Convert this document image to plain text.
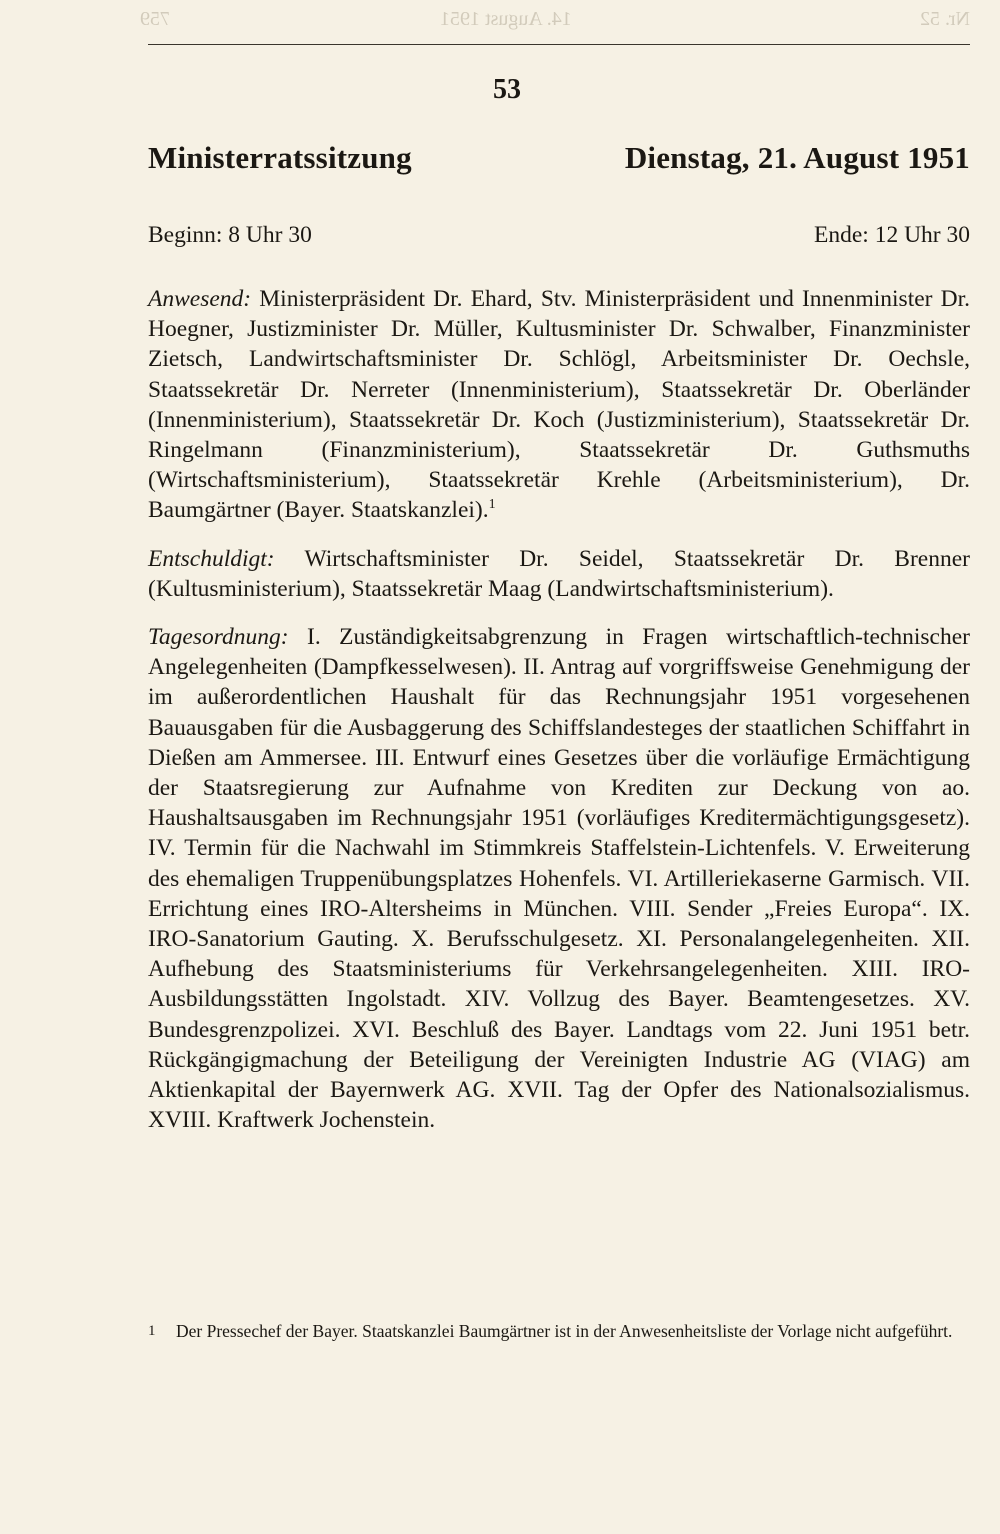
759	14. August 1951	Nr. 52
53
Ministerratssitzung	Dienstag, 21. August 1951
Beginn: 8 Uhr 30	Ende: 12 Uhr 30

Anwesend: Ministerpräsident Dr. Ehard, Stv. Ministerpräsident und Innenminister Dr. Hoegner, Justizminister Dr. Müller, Kultusminister Dr. Schwalber, Finanzminister Zietsch, Landwirtschaftsminister Dr. Schlögl, Arbeitsminister Dr. Oechsle, Staatssekretär Dr. Nerreter (Innenministerium), Staatssekretär Dr. Oberländer (Innenministerium), Staatssekretär Dr. Koch (Justizministerium), Staatssekretär Dr. Ringelmann (Finanzministerium), Staatssekretär Dr. Guthsmuths (Wirtschaftsministerium), Staatssekretär Krehle (Arbeitsministerium), Dr. Baumgärtner (Bayer. Staatskanzlei).$^1$

Entschuldigt: Wirtschaftsminister Dr. Seidel, Staatssekretär Dr. Brenner (Kultusministerium), Staatssekretär Maag (Landwirtschaftsministerium).

Tagesordnung: I. Zuständigkeitsabgrenzung in Fragen wirtschaftlich-technischer Angelegenheiten (Dampfkesselwesen). II. Antrag auf vorgriffsweise Genehmigung der im außerordentlichen Haushalt für das Rechnungsjahr 1951 vorgesehenen Bauausgaben für die Ausbaggerung des Schiffslandesteges der staatlichen Schiffahrt in Dießen am Ammersee. III. Entwurf eines Gesetzes über die vorläufige Ermächtigung der Staatsregierung zur Aufnahme von Krediten zur Deckung von ao. Haushaltsausgaben im Rechnungsjahr 1951 (vorläufiges Kreditermächtigungsgesetz). IV. Termin für die Nachwahl im Stimmkreis Staffelstein-Lichtenfels. V. Erweiterung des ehemaligen Truppenübungsplatzes Hohenfels. VI. Artilleriekaserne Garmisch. VII. Errichtung eines IRO-Altersheims in München. VIII. Sender „Freies Europa“. IX. IRO-Sanatorium Gauting. X. Berufsschulgesetz. XI. Personalangelegenheiten. XII. Aufhebung des Staatsministeriums für Verkehrsangelegenheiten. XIII. IRO-Ausbildungsstätten Ingolstadt. XIV. Vollzug des Bayer. Beamtengesetzes. XV. Bundesgrenzpolizei. XVI. Beschluß des Bayer. Landtags vom 22. Juni 1951 betr. Rückgängigmachung der Beteiligung der Vereinigten Industrie AG (VIAG) am Aktienkapital der Bayernwerk AG. XVII. Tag der Opfer des Nationalsozialismus. XVIII. Kraftwerk Jochenstein.

1	Der Pressechef der Bayer. Staatskanzlei Baumgärtner ist in der Anwesenheitsliste der Vorlage nicht aufgeführt.
